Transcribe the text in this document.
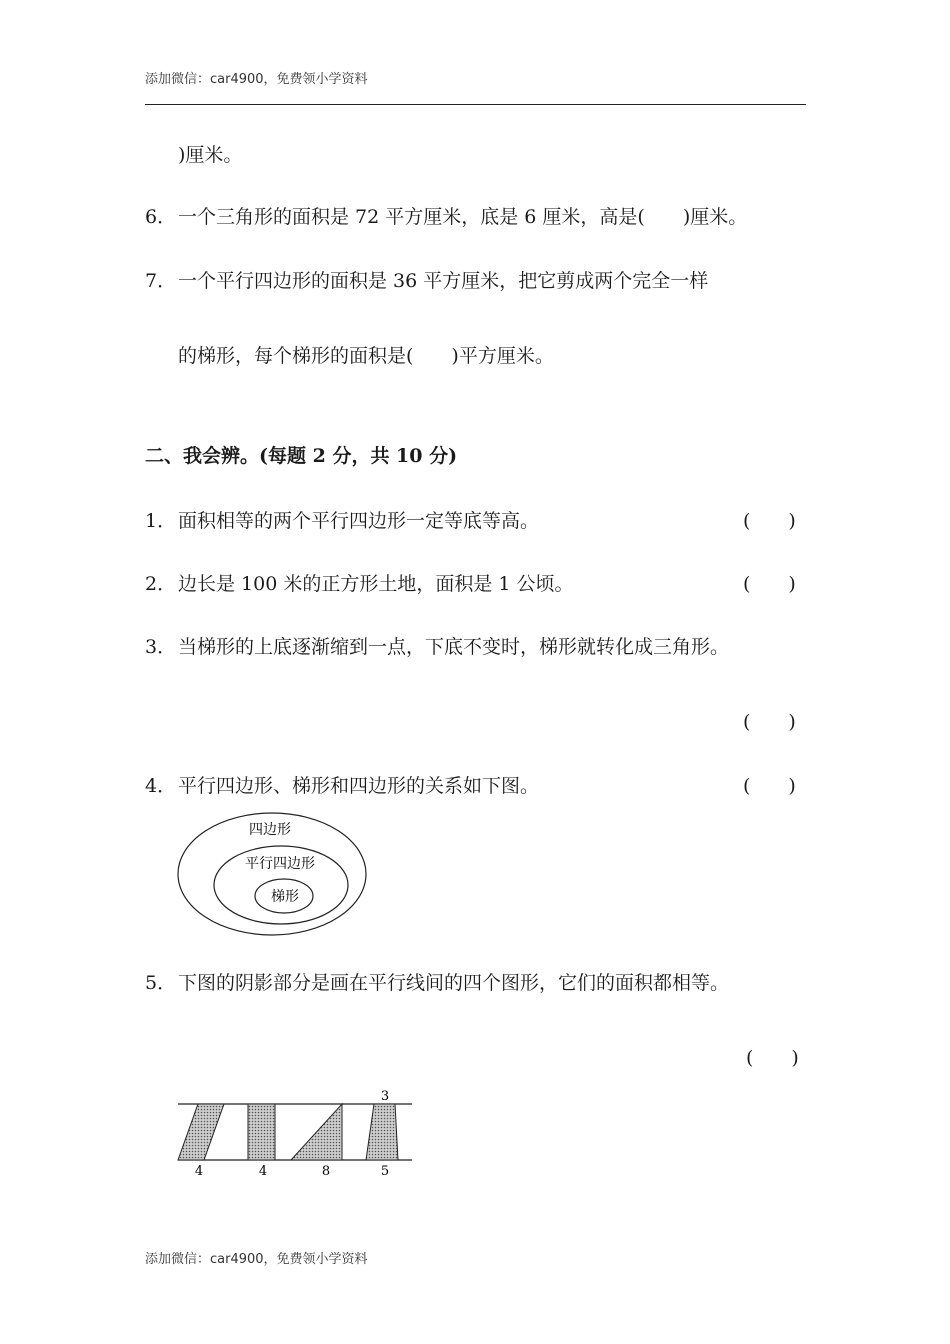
添加微信：car4900，免费领小学资料
)厘米。
6． 一个三角形的面积是 72 平方厘米，底是 6 厘米，高是(　　)厘米。
7． 一个平行四边形的面积是 36 平方厘米，把它剪成两个完全一样
的梯形，每个梯形的面积是(　　)平方厘米。
二、我会辨。(每题 2 分，共 10 分)
1． 面积相等的两个平行四边形一定等底等高。	(　　)
2． 边长是 100 米的正方形土地，面积是 1 公顷。	(　　)
3． 当梯形的上底逐渐缩到一点，下底不变时，梯形就转化成三角形。
(　　)
4． 平行四边形、梯形和四边形的关系如下图。	(　　)
四边形
平行四边形
梯形
5． 下图的阴影部分是画在平行线间的四个图形，它们的面积都相等。
(　　)
3
4	4	8	5
添加微信：car4900，免费领小学资料
